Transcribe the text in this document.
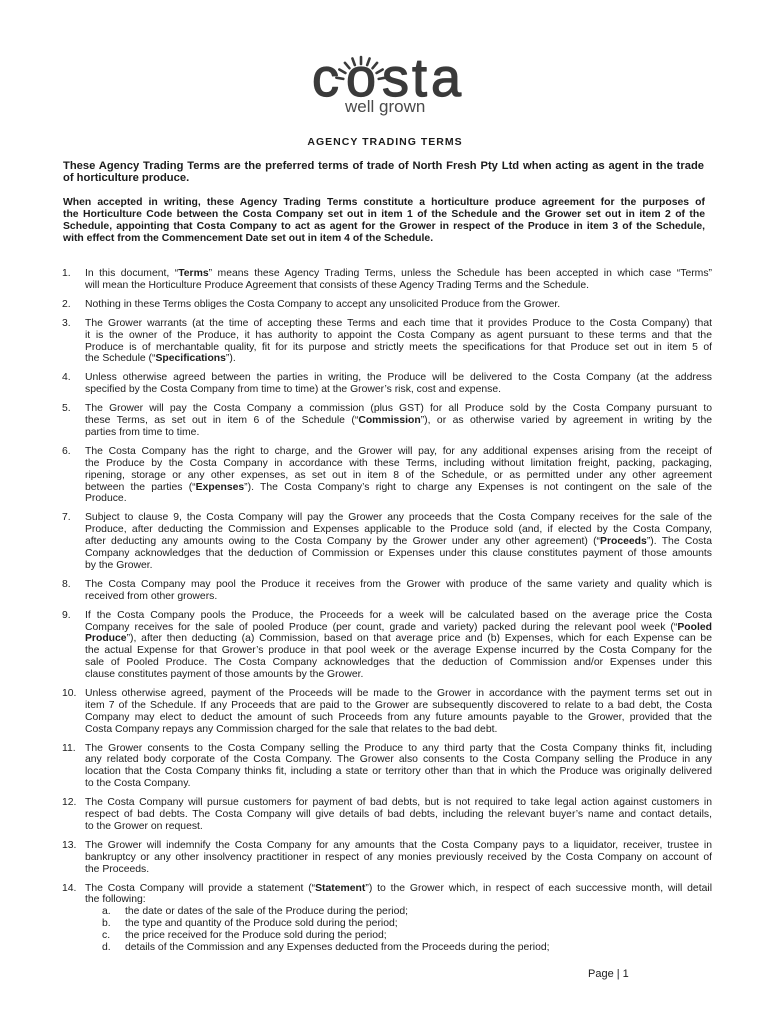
c o s t a
well grown
AGENCY TRADING TERMS
These Agency Trading Terms are the preferred terms of trade of North Fresh Pty Ltd when acting as agent in the trade
of horticulture produce.
When accepted in writing, these Agency Trading Terms constitute a horticulture produce agreement for the purposes of
the Horticulture Code between the Costa Company set out in item 1 of the Schedule and the Grower set out in item 2 of the
Schedule, appointing that Costa Company to act as agent for the Grower in respect of the Produce in item 3 of the Schedule,
with effect from the Commencement Date set out in item 4 of the Schedule.
1. In this document, “Terms” means these Agency Trading Terms, unless the Schedule has been accepted in which case “Terms”
will mean the Horticulture Produce Agreement that consists of these Agency Trading Terms and the Schedule.
2. Nothing in these Terms obliges the Costa Company to accept any unsolicited Produce from the Grower.
3. The Grower warrants (at the time of accepting these Terms and each time that it provides Produce to the Costa Company) that
it is the owner of the Produce, it has authority to appoint the Costa Company as agent pursuant to these terms and that the
Produce is of merchantable quality, fit for its purpose and strictly meets the specifications for that Produce set out in item 5 of
the Schedule (“Specifications”).
4. Unless otherwise agreed between the parties in writing, the Produce will be delivered to the Costa Company (at the address
specified by the Costa Company from time to time) at the Grower’s risk, cost and expense.
5. The Grower will pay the Costa Company a commission (plus GST) for all Produce sold by the Costa Company pursuant to
these Terms, as set out in item 6 of the Schedule (“Commission”), or as otherwise varied by agreement in writing by the
parties from time to time.
6. The Costa Company has the right to charge, and the Grower will pay, for any additional expenses arising from the receipt of
the Produce by the Costa Company in accordance with these Terms, including without limitation freight, packing, packaging,
ripening, storage or any other expenses, as set out in item 8 of the Schedule, or as permitted under any other agreement
between the parties (“Expenses”). The Costa Company’s right to charge any Expenses is not contingent on the sale of the
Produce.
7. Subject to clause 9, the Costa Company will pay the Grower any proceeds that the Costa Company receives for the sale of the
Produce, after deducting the Commission and Expenses applicable to the Produce sold (and, if elected by the Costa Company,
after deducting any amounts owing to the Costa Company by the Grower under any other agreement) (“Proceeds”). The Costa
Company acknowledges that the deduction of Commission or Expenses under this clause constitutes payment of those amounts
by the Grower.
8. The Costa Company may pool the Produce it receives from the Grower with produce of the same variety and quality which is
received from other growers.
9. If the Costa Company pools the Produce, the Proceeds for a week will be calculated based on the average price the Costa
Company receives for the sale of pooled Produce (per count, grade and variety) packed during the relevant pool week (“Pooled
Produce”), after then deducting (a) Commission, based on that average price and (b) Expenses, which for each Expense can be
the actual Expense for that Grower’s produce in that pool week or the average Expense incurred by the Costa Company for the
sale of Pooled Produce. The Costa Company acknowledges that the deduction of Commission and/or Expenses under this
clause constitutes payment of those amounts by the Grower.
10. Unless otherwise agreed, payment of the Proceeds will be made to the Grower in accordance with the payment terms set out in
item 7 of the Schedule. If any Proceeds that are paid to the Grower are subsequently discovered to relate to a bad debt, the Costa
Company may elect to deduct the amount of such Proceeds from any future amounts payable to the Grower, provided that the
Costa Company repays any Commission charged for the sale that relates to the bad debt.
11. The Grower consents to the Costa Company selling the Produce to any third party that the Costa Company thinks fit, including
any related body corporate of the Costa Company. The Grower also consents to the Costa Company selling the Produce in any
location that the Costa Company thinks fit, including a state or territory other than that in which the Produce was originally delivered
to the Costa Company.
12. The Costa Company will pursue customers for payment of bad debts, but is not required to take legal action against customers in
respect of bad debts. The Costa Company will give details of bad debts, including the relevant buyer’s name and contact details,
to the Grower on request.
13. The Grower will indemnify the Costa Company for any amounts that the Costa Company pays to a liquidator, receiver, trustee in
bankruptcy or any other insolvency practitioner in respect of any monies previously received by the Costa Company on account of
the Proceeds.
14. The Costa Company will provide a statement (“Statement”) to the Grower which, in respect of each successive month, will detail
the following:
a. the date or dates of the sale of the Produce during the period;
b. the type and quantity of the Produce sold during the period;
c. the price received for the Produce sold during the period;
d. details of the Commission and any Expenses deducted from the Proceeds during the period;
Page | 1
